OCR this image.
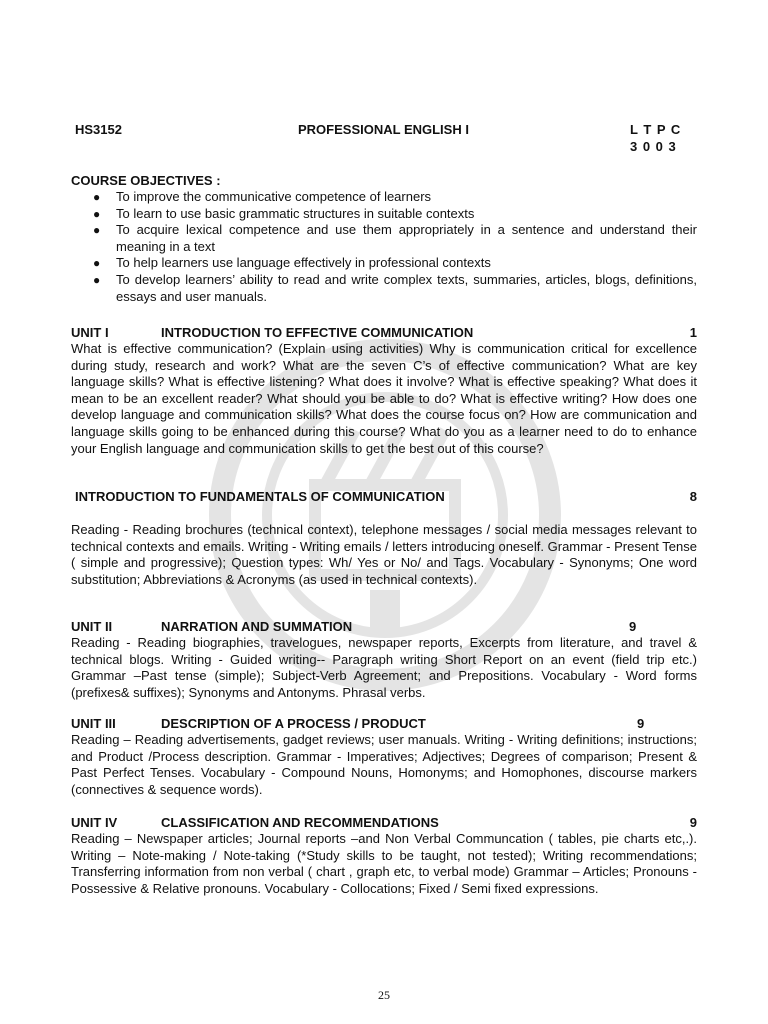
HS3152	PROFESSIONAL ENGLISH I	L T P C
3 0 0 3
COURSE OBJECTIVES :
● To improve the communicative competence of learners
● To learn to use basic grammatic structures in suitable contexts
● To acquire lexical competence and use them appropriately in a sentence and understand their meaning in a text
● To help learners use language effectively in professional contexts
● To develop learners’ ability to read and write complex texts, summaries, articles, blogs, definitions, essays and user manuals.
UNIT I	INTRODUCTION TO EFFECTIVE COMMUNICATION	1

What is effective communication? (Explain using activities) Why is communication critical for excellence during study, research and work? What are the seven C’s of effective communication? What are key language skills? What is effective listening? What does it involve? What is effective speaking? What does it mean to be an excellent reader? What should you be able to do? What is effective writing? How does one develop language and communication skills? What does the course focus on? How are communication and language skills going to be enhanced during this course? What do you as a learner need to do to enhance your English language and communication skills to get the best out of this course?

INTRODUCTION TO FUNDAMENTALS OF COMMUNICATION	8

Reading - Reading brochures (technical context), telephone messages / social media messages relevant to technical contexts and emails. Writing - Writing emails / letters introducing oneself. Grammar - Present Tense ( simple and progressive); Question types: Wh/ Yes or No/ and Tags. Vocabulary - Synonyms; One word substitution; Abbreviations & Acronyms (as used in technical contexts).

UNIT II	NARRATION AND SUMMATION	9

Reading - Reading biographies, travelogues, newspaper reports, Excerpts from literature, and travel & technical blogs. Writing - Guided writing-- Paragraph writing Short Report on an event (field trip etc.) Grammar –Past tense (simple); Subject-Verb Agreement; and Prepositions. Vocabulary - Word forms (prefixes& suffixes); Synonyms and Antonyms. Phrasal verbs.

UNIT III	DESCRIPTION OF A PROCESS / PRODUCT	9

Reading – Reading advertisements, gadget reviews; user manuals. Writing - Writing definitions; instructions; and Product /Process description. Grammar - Imperatives; Adjectives; Degrees of comparison; Present & Past Perfect Tenses. Vocabulary - Compound Nouns, Homonyms; and Homophones, discourse markers (connectives & sequence words).

UNIT IV	CLASSIFICATION AND RECOMMENDATIONS	9

Reading – Newspaper articles; Journal reports –and Non Verbal Communcation ( tables, pie charts etc,.). Writing – Note-making / Note-taking (*Study skills to be taught, not tested); Writing recommendations; Transferring information from non verbal ( chart , graph etc, to verbal mode) Grammar – Articles; Pronouns - Possessive & Relative pronouns. Vocabulary - Collocations; Fixed / Semi fixed expressions.

25
